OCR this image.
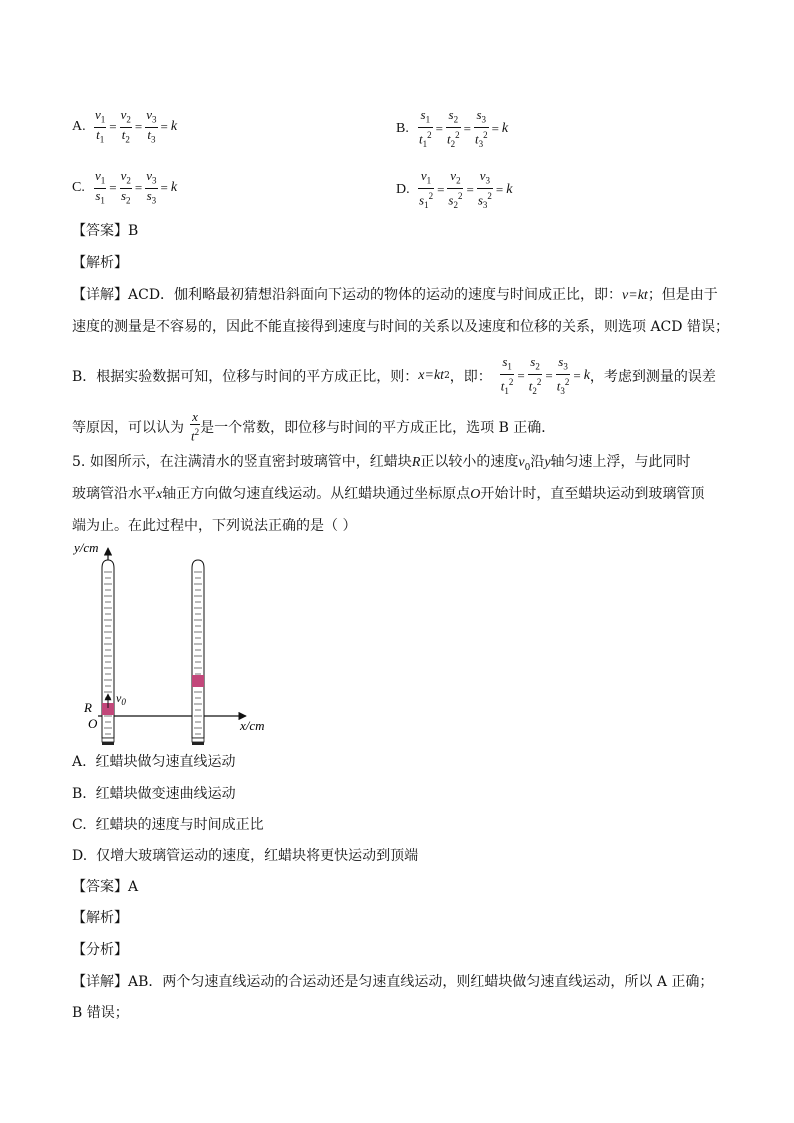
A. $\frac{v_1}{t_1} = \frac{v_2}{t_2} = \frac{v_3}{t_3} = k$	B. $\frac{s_1}{t_1^2} = \frac{s_2}{t_2^2} = \frac{s_3}{t_3^2} = k$
C. $\frac{v_1}{s_1} = \frac{v_2}{s_2} = \frac{v_3}{s_3} = k$	D. $\frac{v_1}{s_1^2} = \frac{v_2}{s_2^2} = \frac{v_3}{s_3^2} = k$
【答案】B
【解析】
【详解】ACD．伽利略最初猜想沿斜面向下运动的物体的运动的速度与时间成正比，即：v=kt；但是由于
速度的测量是不容易的，因此不能直接得到速度与时间的关系以及速度和位移的关系，则选项 ACD 错误；
B．根据实验数据可知，位移与时间的平方成正比，则： x=kt 2 ，即： $\frac{s_1}{t_1^2} = \frac{s_2}{t_2^2} = \frac{s_3}{t_3^2} = k$ ，考虑到测量的误差
等原因，可以认为 $\frac{x}{t^2}$ 是一个常数，即位移与时间的平方成正比，选项 B 正确．
5. 如图所示，在注满清水的竖直密封玻璃管中，红蜡块R正以较小的速度$v_0$沿y轴匀速上浮，与此同时
玻璃管沿水平x轴正方向做匀速直线运动。从红蜡块通过坐标原点O开始计时，直至蜡块运动到玻璃管顶
端为止。在此过程中，下列说法正确的是（ ）
y/cm
x/cm
O
R
$v_0$
A. 红蜡块做匀速直线运动
B. 红蜡块做变速曲线运动
C. 红蜡块的速度与时间成正比
D. 仅增大玻璃管运动的速度，红蜡块将更快运动到顶端
【答案】A
【解析】
【分析】
【详解】AB．两个匀速直线运动的合运动还是匀速直线运动，则红蜡块做匀速直线运动，所以 A 正确；
B 错误；
